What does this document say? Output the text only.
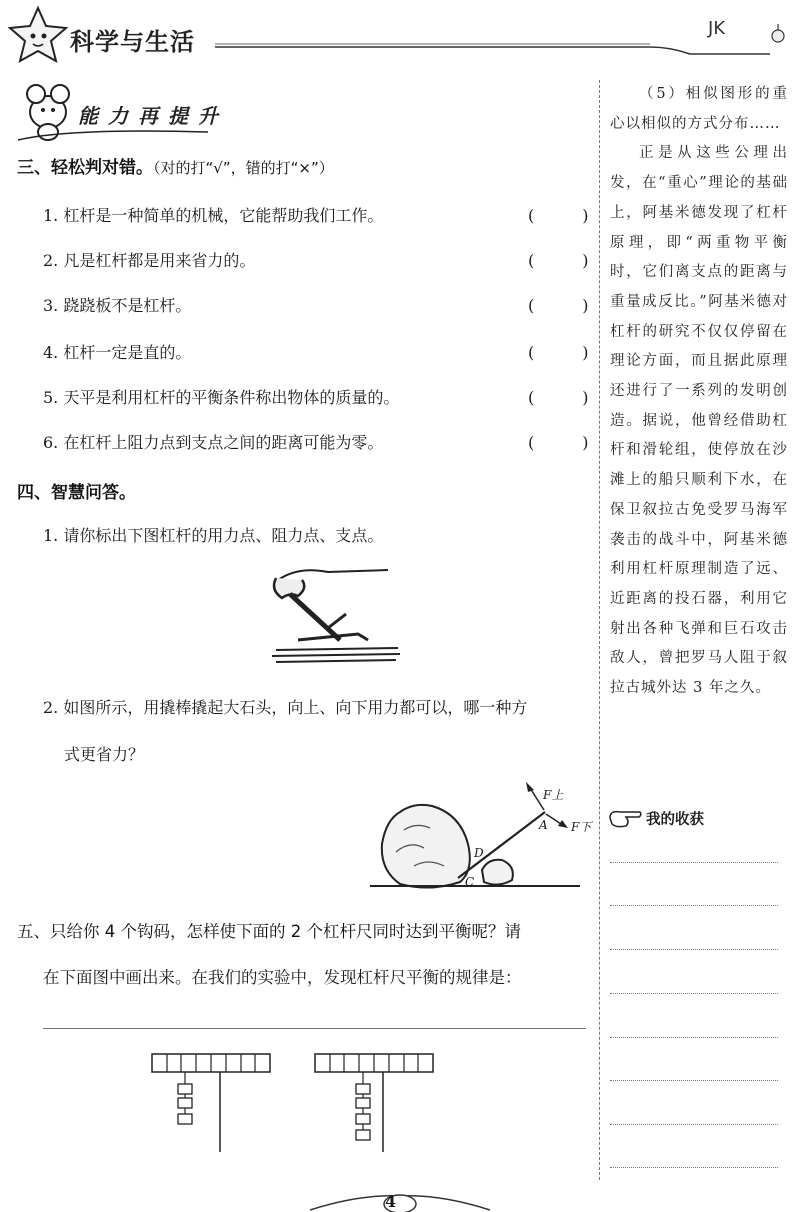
科学与生活	JK
能力再提升
三、轻松判对错。（对的打“√”，错的打“×”）
1. 杠杆是一种简单的机械，它能帮助我们工作。	(　　　)
2. 凡是杠杆都是用来省力的。	(　　　)
3. 跷跷板不是杠杆。	(　　　)
4. 杠杆一定是直的。	(　　　)
5. 天平是利用杠杆的平衡条件称出物体的质量的。	(　　　)
6. 在杠杆上阻力点到支点之间的距离可能为零。	(　　　)
四、智慧问答。
1. 请你标出下图杠杆的用力点、阻力点、支点。
2. 如图所示，用撬棒撬起大石头，向上、向下用力都可以，哪一种方
式更省力？
F上
F下
A
D
C
五、只给你 4 个钩码，怎样使下面的 2 个杠杆尺同时达到平衡呢？请
在下面图中画出来。在我们的实验中，发现杠杆尺平衡的规律是：

（5）相似图形的重心以相似的方式分布……

正是从这些公理出发，在“重心”理论的基础上，阿基米德发现了杠杆原理，即“两重物平衡时，它们离支点的距离与重量成反比。”阿基米德对杠杆的研究不仅仅停留在理论方面，而且据此原理还进行了一系列的发明创造。据说，他曾经借助杠杆和滑轮组，使停放在沙滩上的船只顺利下水，在保卫叙拉古免受罗马海军袭击的战斗中，阿基米德利用杠杆原理制造了远、近距离的投石器，利用它射出各种飞弹和巨石攻击敌人，曾把罗马人阻于叙拉古城外达 3 年之久。

我的收获
4
